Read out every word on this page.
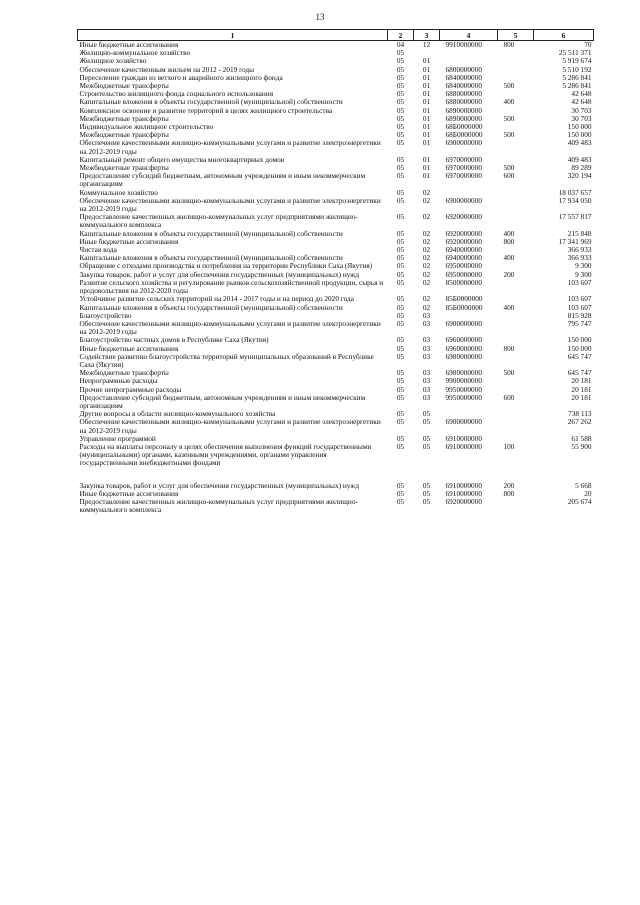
13
1	2	3	4	5	6
Иные бюджетные ассигнования	04	12	9910000000	800	70
Жилищно-коммунальное хозяйство	05				25 511 371
Жилищное хозяйство	05	01			5 919 674
Обеспечение качественным жильем на 2012 - 2019 годы	05	01	6800000000		5 510 192
Переселение граждан из ветхого и аварийного жилищного фонда	05	01	6840000000		5 286 841
Межбюджетные трансферты	05	01	6840000000	500	5 286 841
Строительство жилищного фонда социального использования	05	01	6880000000		42 648
Капитальные вложения в объекты государственной (муниципальной) собственности	05	01	6880000000	400	42 648
Комплексное освоение и развитие территорий в целях жилищного строительства	05	01	6890000000		30 703
Межбюджетные трансферты	05	01	6890000000	500	30 703
Индивидуальное жилищное строительство	05	01	68Б0000000		150 000
Межбюджетные трансферты	05	01	68Б0000000	500	150 000
Обеспечение качественными жилищно-коммунальными услугами и развитие электроэнергетики на 2012-2019 годы	05	01	6900000000		409 483
Капитальный ремонт общего имущества многоквартирных домов	05	01	6970000000		409 483
Межбюджетные трансферты	05	01	6970000000	500	89 289
Предоставление субсидий бюджетным, автономным учреждениям и иным некоммерческим организациям	05	01	6970000000	600	320 194
Коммунальное хозяйство	05	02			18 037 657
Обеспечение качественными жилищно-коммунальными услугами и развитие электроэнергетики на 2012-2019 годы	05	02	6900000000		17 934 050
Предоставление качественных жилищно-коммунальных услуг предприятиями жилищно-коммунального комплекса	05	02	6920000000		17 557 817
Капитальные вложения в объекты государственной (муниципальной) собственности	05	02	6920000000	400	215 848
Иные бюджетные ассигнования	05	02	6920000000	800	17 341 969
Чистая вода	05	02	6940000000		366 933
Капитальные вложения в объекты государственной (муниципальной) собственности	05	02	6940000000	400	366 933
Обращение с отходами производства и потребления на территории Республики Саха (Якутия)	05	02	6950000000		9 300
Закупка товаров, работ и услуг для обеспечения государственных (муниципальных) нужд	05	02	6950000000	200	9 300
Развитие сельского хозяйства и регулирование рынков сельскохозяйственной продукции, сырья и продовольствия на 2012-2020 годы	05	02	8500000000		103 607
Устойчивое развитие сельских территорий на 2014 - 2017 годы и на период до 2020 года	05	02	85Б0000000		103 607
Капитальные вложения в объекты государственной (муниципальной) собственности	05	02	85Б0000000	400	103 607
Благоустройство	05	03			815 928
Обеспечение качественными жилищно-коммунальными услугами и развитие электроэнергетики на 2012-2019 годы	05	03	6900000000		795 747
Благоустройство частных домов в Республике Саха (Якутия)	05	03	6960000000		150 000
Иные бюджетные ассигнования	05	03	6960000000	800	150 000
Содействие развитию благоустройства территорий муниципальных образований в Республике Саха (Якутия)	05	03	6980000000		645 747
Межбюджетные трансферты	05	03	6980000000	500	645 747
Непрограммные расходы	05	03	9900000000		20 181
Прочие непрограммные расходы	05	03	9950000000		20 181
Предоставление субсидий бюджетным, автономным учреждениям и иным некоммерческим организациям	05	03	9950000000	600	20 181
Другие вопросы в области жилищно-коммунального хозяйства	05	05			738 113
Обеспечение качественными жилищно-коммунальными услугами и развитие электроэнергетики на 2012-2019 годы	05	05	6900000000		267 262
Управление программой	05	05	6910000000		61 588
Расходы на выплаты персоналу в целях обеспечения выполнения функций государственными (муниципальными) органами, казенными учреждениями, органами управления государственными внебюджетными фондами	05	05	6910000000	100	55 900
Закупка товаров, работ и услуг для обеспечения государственных (муниципальных) нужд	05	05	6910000000	200	5 668
Иные бюджетные ассигнования	05	05	6910000000	800	20
Предоставление качественных жилищно-коммунальных услуг предприятиями жилищно-коммунального комплекса	05	05	6920000000		205 674
